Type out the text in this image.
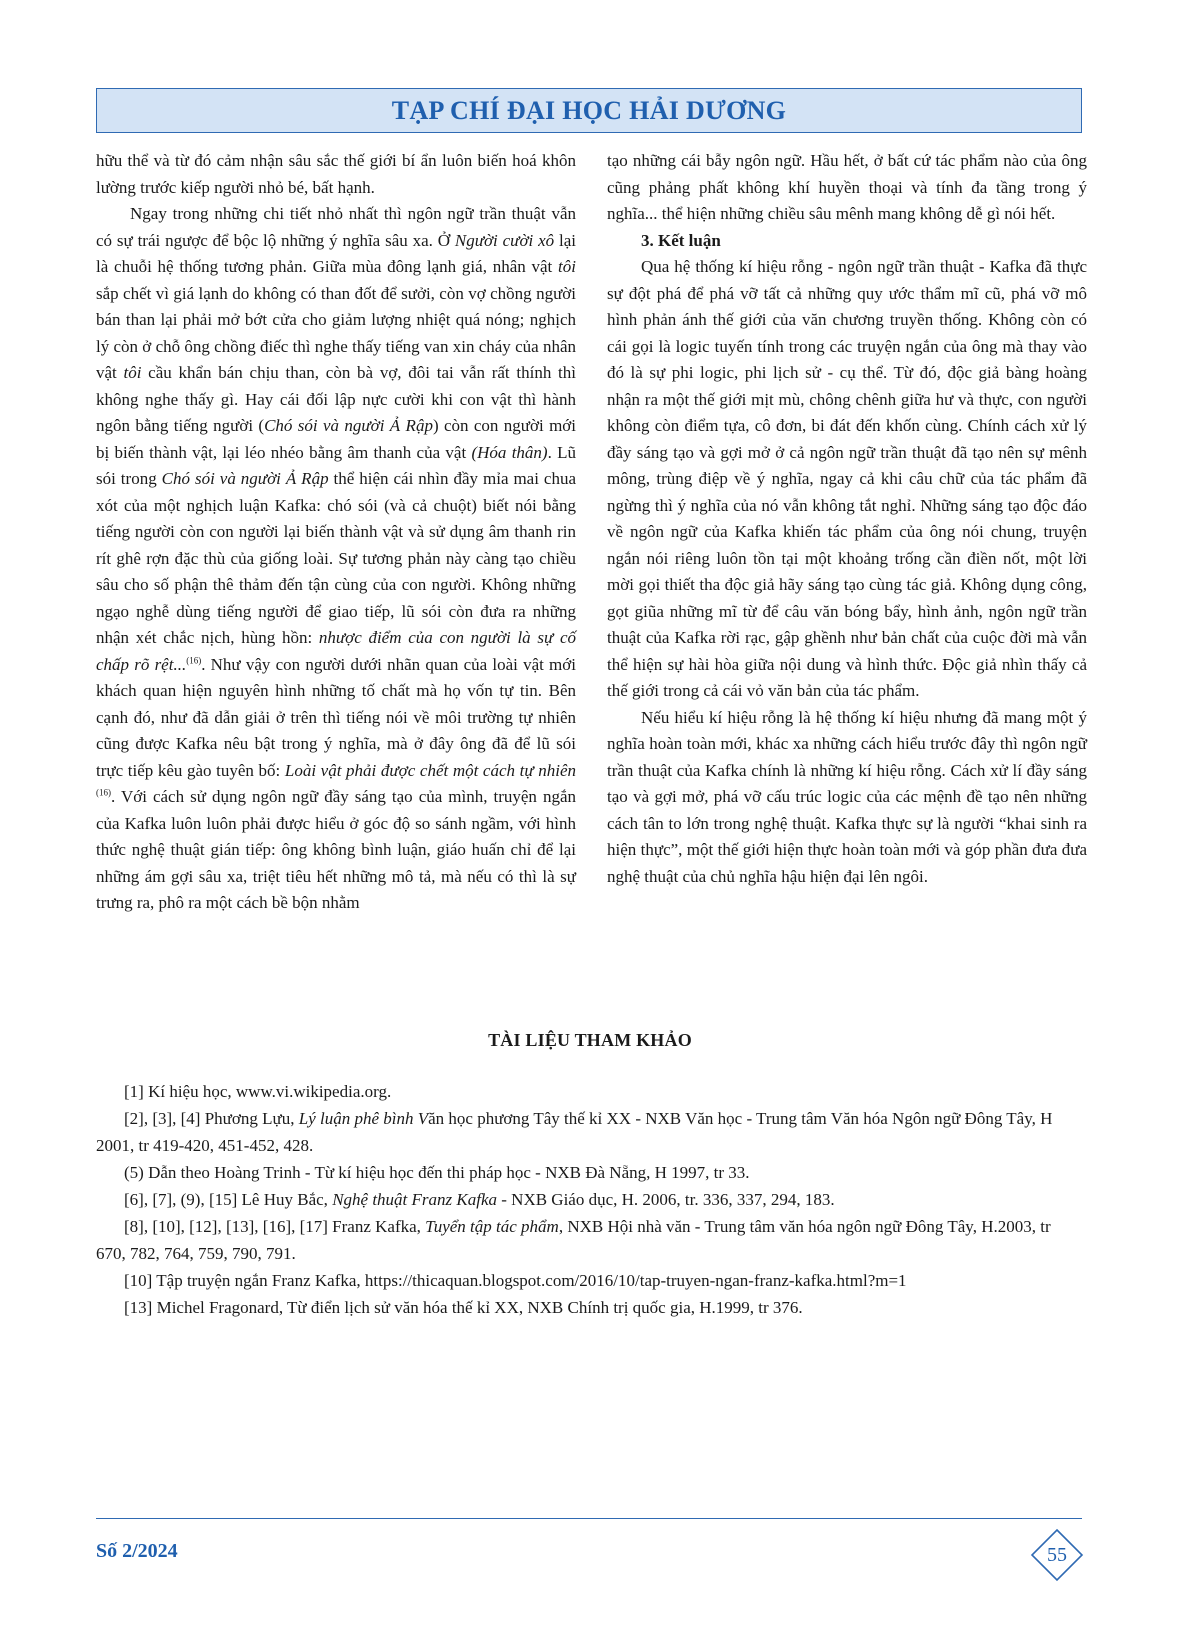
TẠP CHÍ ĐẠI HỌC HẢI DƯƠNG

hữu thể và từ đó cảm nhận sâu sắc thế giới bí ẩn luôn biến hoá khôn lường trước kiếp người nhỏ bé, bất hạnh.

Ngay trong những chi tiết nhỏ nhất thì ngôn ngữ trần thuật vẫn có sự trái ngược để bộc lộ những ý nghĩa sâu xa. Ở Người cười xô lại là chuỗi hệ thống tương phản. Giữa mùa đông lạnh giá, nhân vật tôi sắp chết vì giá lạnh do không có than đốt để sưởi, còn vợ chồng người bán than lại phải mở bớt cửa cho giảm lượng nhiệt quá nóng; nghịch lý còn ở chỗ ông chồng điếc thì nghe thấy tiếng van xin cháy của nhân vật tôi cầu khẩn bán chịu than, còn bà vợ, đôi tai vẫn rất thính thì không nghe thấy gì. Hay cái đối lập nực cười khi con vật thì hành ngôn bằng tiếng người (Chó sói và người Ả Rập) còn con người mới bị biến thành vật, lại léo nhéo bằng âm thanh của vật (Hóa thân). Lũ sói trong Chó sói và người Ả Rập thể hiện cái nhìn đầy mỉa mai chua xót của một nghịch luận Kafka: chó sói (và cả chuột) biết nói bằng tiếng người còn con người lại biến thành vật và sử dụng âm thanh rin rít ghê rợn đặc thù của giống loài. Sự tương phản này càng tạo chiều sâu cho số phận thê thảm đến tận cùng của con người. Không những ngạo nghễ dùng tiếng người để giao tiếp, lũ sói còn đưa ra những nhận xét chắc nịch, hùng hồn: nhược điểm của con người là sự cố chấp rõ rệt...$^{(16)}$. Như vậy con người dưới nhãn quan của loài vật mới khách quan hiện nguyên hình những tố chất mà họ vốn tự tin. Bên cạnh đó, như đã dẫn giải ở trên thì tiếng nói về môi trường tự nhiên cũng được Kafka nêu bật trong ý nghĩa, mà ở đây ông đã để lũ sói trực tiếp kêu gào tuyên bố: Loài vật phải được chết một cách tự nhiên $^{(16)}$. Với cách sử dụng ngôn ngữ đầy sáng tạo của mình, truyện ngắn của Kafka luôn luôn phải được hiểu ở góc độ so sánh ngầm, với hình thức nghệ thuật gián tiếp: ông không bình luận, giáo huấn chỉ để lại những ám gợi sâu xa, triệt tiêu hết những mô tả, mà nếu có thì là sự trưng ra, phô ra một cách bề bộn nhằm

tạo những cái bẫy ngôn ngữ. Hầu hết, ở bất cứ tác phẩm nào của ông cũng phảng phất không khí huyền thoại và tính đa tầng trong ý nghĩa... thể hiện những chiều sâu mênh mang không dễ gì nói hết.

3. Kết luận

Qua hệ thống kí hiệu rỗng - ngôn ngữ trần thuật - Kafka đã thực sự đột phá để phá vỡ tất cả những quy ước thẩm mĩ cũ, phá vỡ mô hình phản ánh thế giới của văn chương truyền thống. Không còn có cái gọi là logic tuyến tính trong các truyện ngắn của ông mà thay vào đó là sự phi logic, phi lịch sử - cụ thể. Từ đó, độc giả bàng hoàng nhận ra một thế giới mịt mù, chông chênh giữa hư và thực, con người không còn điểm tựa, cô đơn, bi đát đến khốn cùng. Chính cách xử lý đầy sáng tạo và gợi mở ở cả ngôn ngữ trần thuật đã tạo nên sự mênh mông, trùng điệp về ý nghĩa, ngay cả khi câu chữ của tác phẩm đã ngừng thì ý nghĩa của nó vẫn không tắt nghỉ. Những sáng tạo độc đáo về ngôn ngữ của Kafka khiến tác phẩm của ông nói chung, truyện ngắn nói riêng luôn tồn tại một khoảng trống cần điền nốt, một lời mời gọi thiết tha độc giả hãy sáng tạo cùng tác giả. Không dụng công, gọt giũa những mĩ từ để câu văn bóng bẩy, hình ảnh, ngôn ngữ trần thuật của Kafka rời rạc, gập ghềnh như bản chất của cuộc đời mà vẫn thể hiện sự hài hòa giữa nội dung và hình thức. Độc giả nhìn thấy cả thế giới trong cả cái vỏ văn bản của tác phẩm.

Nếu hiểu kí hiệu rỗng là hệ thống kí hiệu nhưng đã mang một ý nghĩa hoàn toàn mới, khác xa những cách hiểu trước đây thì ngôn ngữ trần thuật của Kafka chính là những kí hiệu rỗng. Cách xử lí đầy sáng tạo và gợi mở, phá vỡ cấu trúc logic của các mệnh đề tạo nên những cách tân to lớn trong nghệ thuật. Kafka thực sự là người “khai sinh ra hiện thực”, một thế giới hiện thực hoàn toàn mới và góp phần đưa đưa nghệ thuật của chủ nghĩa hậu hiện đại lên ngôi.

TÀI LIỆU THAM KHẢO

[1] Kí hiệu học, www.vi.wikipedia.org.

[2], [3], [4] Phương Lựu, Lý luận phê bình Văn học phương Tây thế kỉ XX - NXB Văn học - Trung tâm Văn hóa Ngôn ngữ Đông Tây, H 2001, tr 419-420, 451-452, 428.

(5) Dẫn theo Hoàng Trinh - Từ kí hiệu học đến thi pháp học - NXB Đà Nẵng, H 1997, tr 33.

[6], [7], (9), [15] Lê Huy Bắc, Nghệ thuật Franz Kafka - NXB Giáo dục, H. 2006, tr. 336, 337, 294, 183.

[8], [10], [12], [13], [16], [17] Franz Kafka, Tuyển tập tác phẩm, NXB Hội nhà văn - Trung tâm văn hóa ngôn ngữ Đông Tây, H.2003, tr 670, 782, 764, 759, 790, 791.

[10] Tập truyện ngắn Franz Kafka, https://thicaquan.blogspot.com/2016/10/tap-truyen-ngan-franz-kafka.html?m=1

[13] Michel Fragonard, Từ điển lịch sử văn hóa thế kỉ XX, NXB Chính trị quốc gia, H.1999, tr 376.

Số 2/2024	55
